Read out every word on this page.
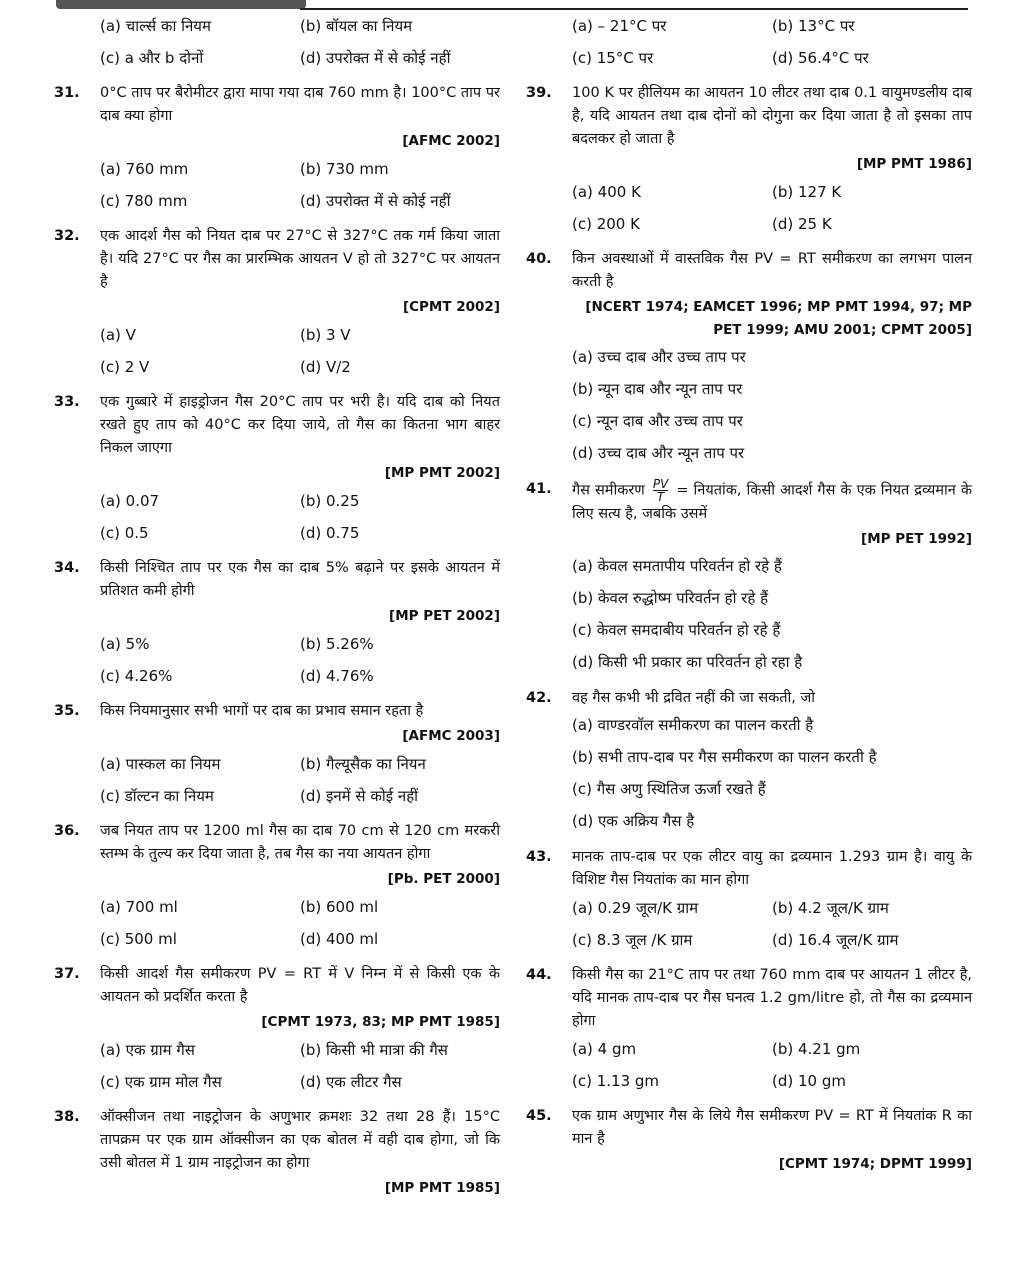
(a) चार्ल्स का नियम	(b) बॉयल का नियम
(c) a और b दोनों	(d) उपरोक्त में से कोई नहीं
31. 0°C ताप पर बैरोमीटर द्वारा मापा गया दाब 760 mm है। 100°C ताप पर दाब क्या होगा
[AFMC 2002]
(a) 760 mm	(b) 730 mm
(c) 780 mm	(d) उपरोक्त में से कोई नहीं
32. एक आदर्श गैस को नियत दाब पर 27°C से 327°C तक गर्म किया जाता है। यदि 27°C पर गैस का प्रारम्भिक आयतन V हो तो 327°C पर आयतन है
[CPMT 2002]
(a) V	(b) 3 V
(c) 2 V	(d) V/2
33. एक गुब्बारे में हाइड्रोजन गैस 20°C ताप पर भरी है। यदि दाब को नियत रखते हुए ताप को 40°C कर दिया जाये, तो गैस का कितना भाग बाहर निकल जाएगा
[MP PMT 2002]
(a) 0.07	(b) 0.25
(c) 0.5	(d) 0.75
34. किसी निश्चित ताप पर एक गैस का दाब 5% बढ़ाने पर इसके आयतन में प्रतिशत कमी होगी
[MP PET 2002]
(a) 5%	(b) 5.26%
(c) 4.26%	(d) 4.76%
35. किस नियमानुसार सभी भागों पर दाब का प्रभाव समान रहता है
[AFMC 2003]
(a) पास्कल का नियम	(b) गैल्यूसैक का नियन
(c) डॉल्टन का नियम	(d) इनमें से कोई नहीं
36. जब नियत ताप पर 1200 ml गैस का दाब 70 cm से 120 cm मरकरी स्तम्भ के तुल्य कर दिया जाता है, तब गैस का नया आयतन होगा
[Pb. PET 2000]
(a) 700 ml	(b) 600 ml
(c) 500 ml	(d) 400 ml
37. किसी आदर्श गैस समीकरण PV = RT में V निम्न में से किसी एक के आयतन को प्रदर्शित करता है
[CPMT 1973, 83; MP PMT 1985]
(a) एक ग्राम गैस	(b) किसी भी मात्रा की गैस
(c) एक ग्राम मोल गैस	(d) एक लीटर गैस
38. ऑक्सीजन तथा नाइट्रोजन के अणुभार क्रमशः 32 तथा 28 हैं। 15°C तापक्रम पर एक ग्राम ऑक्सीजन का एक बोतल में वही दाब होगा, जो कि उसी बोतल में 1 ग्राम नाइट्रोजन का होगा
[MP PMT 1985]
(a) – 21°C पर	(b) 13°C पर
(c) 15°C पर	(d) 56.4°C पर
39. 100 K पर हीलियम का आयतन 10 लीटर तथा दाब 0.1 वायुमण्डलीय दाब है, यदि आयतन तथा दाब दोनों को दोगुना कर दिया जाता है तो इसका ताप बदलकर हो जाता है
[MP PMT 1986]
(a) 400 K	(b) 127 K
(c) 200 K	(d) 25 K
40. किन अवस्थाओं में वास्तविक गैस PV = RT समीकरण का लगभग पालन करती है
[NCERT 1974; EAMCET 1996; MP PMT 1994, 97; MP PET 1999; AMU 2001; CPMT 2005]
(a) उच्च दाब और उच्च ताप पर
(b) न्यून दाब और न्यून ताप पर
(c) न्यून दाब और उच्च ताप पर
(d) उच्च दाब और न्यून ताप पर
41. गैस समीकरण $\frac{PV}{T}$ = नियतांक, किसी आदर्श गैस के एक नियत द्रव्यमान के लिए सत्य है, जबकि उसमें
[MP PET 1992]
(a) केवल समतापीय परिवर्तन हो रहे हैं
(b) केवल रुद्धोष्म परिवर्तन हो रहे हैं
(c) केवल समदाबीय परिवर्तन हो रहे हैं
(d) किसी भी प्रकार का परिवर्तन हो रहा है
42. वह गैस कभी भी द्रवित नहीं की जा सकती, जो
(a) वाण्डरवॉल समीकरण का पालन करती है
(b) सभी ताप-दाब पर गैस समीकरण का पालन करती है
(c) गैस अणु स्थितिज ऊर्जा रखते हैं
(d) एक अक्रिय गैस है
43. मानक ताप-दाब पर एक लीटर वायु का द्रव्यमान 1.293 ग्राम है। वायु के विशिष्ट गैस नियतांक का मान होगा
(a) 0.29 जूल/K ग्राम	(b) 4.2 जूल/K ग्राम
(c) 8.3 जूल /K ग्राम	(d) 16.4 जूल/K ग्राम
44. किसी गैस का 21°C ताप पर तथा 760 mm दाब पर आयतन 1 लीटर है, यदि मानक ताप-दाब पर गैस घनत्व 1.2 gm/litre हो, तो गैस का द्रव्यमान होगा
(a) 4 gm	(b) 4.21 gm
(c) 1.13 gm	(d) 10 gm
45. एक ग्राम अणुभार गैस के लिये गैस समीकरण PV = RT में नियतांक R का मान है
[CPMT 1974; DPMT 1999]
